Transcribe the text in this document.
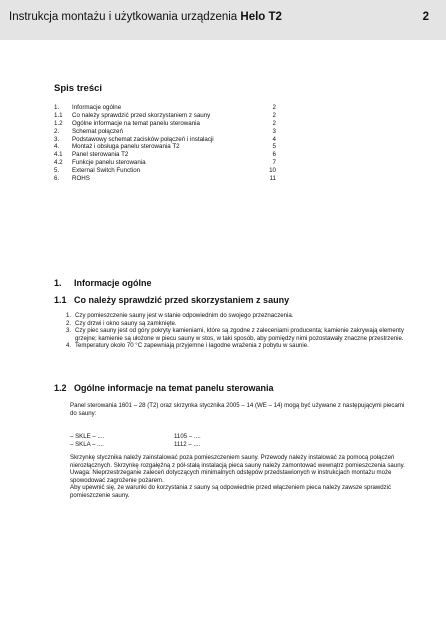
Instrukcja montażu i użytkowania urządzenia Helo T2	2
Spis treści
1. Informacje ogólne	2
1.1 Co należy sprawdzić przed skorzystaniem z sauny	2
1.2 Ogólne informacje na temat panelu sterowania	2
2. Schemat połączeń	3
3. Podstawowy schemat zacisków połączeń i instalacji	4
4. Montaż i obsługa panelu sterowania T2	5
4.1 Panel sterowania T2	6
4.2 Funkcje panelu sterowania	7
5. External Switch Function	10
6. ROHS	11
1. Informacje ogólne
1.1 Co należy sprawdzić przed skorzystaniem z sauny
1. Czy pomieszczenie sauny jest w stanie odpowiednim do swojego przeznaczenia.
2. Czy drzwi i okno sauny są zamknięte.
3. Czy piec sauny jest od góry pokryty kamieniami, które są zgodne z zaleceniami producenta; kamienie zakrywają elementy grzejne; kamienie są ułożone w piecu sauny w stos, w taki sposób, aby pomiędzy nimi pozostawały znaczne przestrzenie.
4. Temperatury około 70 °C zapewniają przyjemne i łagodne wrażenia z pobytu w saunie.
1.2 Ogólne informacje na temat panelu sterowania
Panel sterowania 1601 – 28 (T2) oraz skrzynka stycznika 2005 – 14 (WE – 14) mogą być używane z następującymi piecami do sauny:
– SKLE – ....	1105 – ....
– SKLA – ....	1112 – ....
Skrzynkę stycznika należy zainstalować poza pomieszczeniem sauny. Przewody należy instalować za pomocą połączeń nierozłącznych. Skrzynkę rozgałęźną z pół-stałą instalacją pieca sauny należy zamontować wewnątrz pomieszczenia sauny. Uwaga: Nieprzestrzeganie zaleceń dotyczących minimalnych odstępów przedstawionych w instrukcjach montażu może spowodować zagrożenie pożarem.
Aby upewnić się, że warunki do korzystania z sauny są odpowiednie przed włączeniem pieca należy zawsze sprawdzić pomieszczenie sauny.
